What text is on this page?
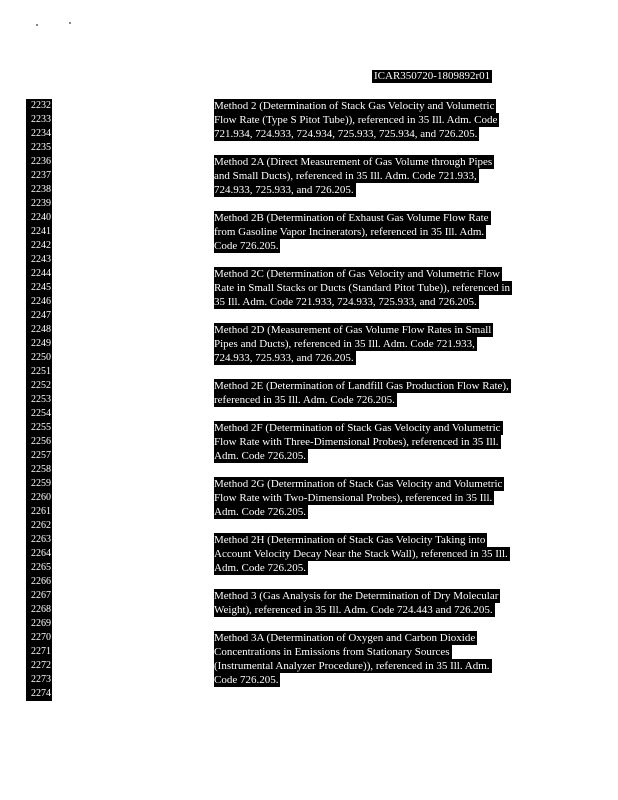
ICAR350720-1809892r01
2232
2233
2234
2235
2236
2237
2238
2239
2240
2241
2242
2243
2244
2245
2246
2247
2248
2249
2250
2251
2252
2253
2254
2255
2256
2257
2258
2259
2260
2261
2262
2263
2264
2265
2266
2267
2268
2269
2270
2271
2272
2273
2274
Method 2 (Determination of Stack Gas Velocity and Volumetric
Flow Rate (Type S Pitot Tube)), referenced in 35 Ill. Adm. Code
721.934, 724.933, 724.934, 725.933, 725.934, and 726.205.
Method 2A (Direct Measurement of Gas Volume through Pipes
and Small Ducts), referenced in 35 Ill. Adm. Code 721.933,
724.933, 725.933, and 726.205.
Method 2B (Determination of Exhaust Gas Volume Flow Rate
from Gasoline Vapor Incinerators), referenced in 35 Ill. Adm.
Code 726.205.
Method 2C (Determination of Gas Velocity and Volumetric Flow
Rate in Small Stacks or Ducts (Standard Pitot Tube)), referenced in
35 Ill. Adm. Code 721.933, 724.933, 725.933, and 726.205.
Method 2D (Measurement of Gas Volume Flow Rates in Small
Pipes and Ducts), referenced in 35 Ill. Adm. Code 721.933,
724.933, 725.933, and 726.205.
Method 2E (Determination of Landfill Gas Production Flow Rate),
referenced in 35 Ill. Adm. Code 726.205.
Method 2F (Determination of Stack Gas Velocity and Volumetric
Flow Rate with Three-Dimensional Probes), referenced in 35 Ill.
Adm. Code 726.205.
Method 2G (Determination of Stack Gas Velocity and Volumetric
Flow Rate with Two-Dimensional Probes), referenced in 35 Ill.
Adm. Code 726.205.
Method 2H (Determination of Stack Gas Velocity Taking into
Account Velocity Decay Near the Stack Wall), referenced in 35 Ill.
Adm. Code 726.205.
Method 3 (Gas Analysis for the Determination of Dry Molecular
Weight), referenced in 35 Ill. Adm. Code 724.443 and 726.205.
Method 3A (Determination of Oxygen and Carbon Dioxide
Concentrations in Emissions from Stationary Sources
(Instrumental Analyzer Procedure)), referenced in 35 Ill. Adm.
Code 726.205.
